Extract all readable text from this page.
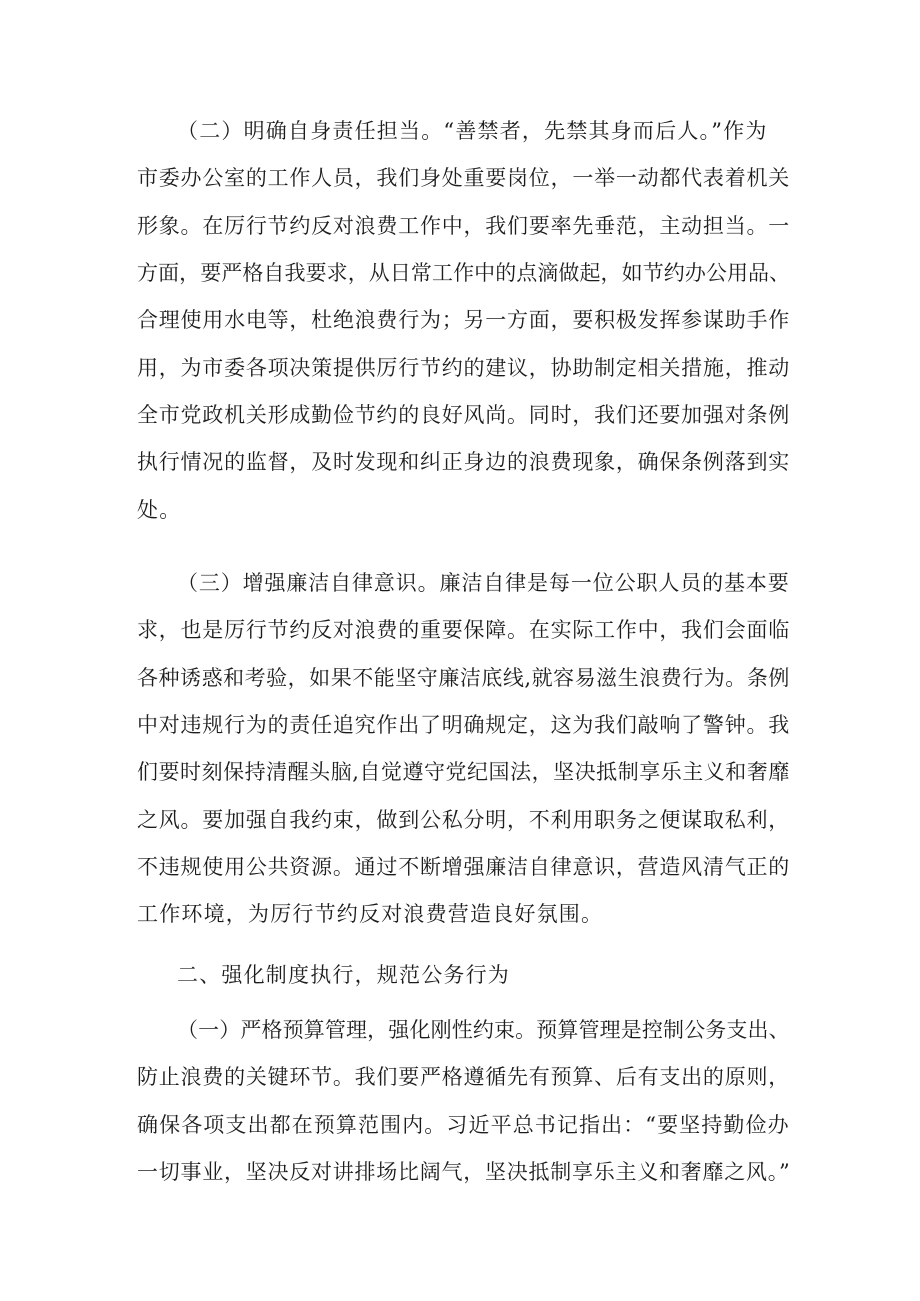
（二）明确自身责任担当。“善禁者，先禁其身而后人。”作为
市委办公室的工作人员，我们身处重要岗位，一举一动都代表着机关
形象。在厉行节约反对浪费工作中，我们要率先垂范，主动担当。一
方面，要严格自我要求，从日常工作中的点滴做起，如节约办公用品、
合理使用水电等，杜绝浪费行为；另一方面，要积极发挥参谋助手作
用，为市委各项决策提供厉行节约的建议，协助制定相关措施，推动
全市党政机关形成勤俭节约的良好风尚。同时，我们还要加强对条例
执行情况的监督，及时发现和纠正身边的浪费现象，确保条例落到实
处。
（三）增强廉洁自律意识。廉洁自律是每一位公职人员的基本要
求，也是厉行节约反对浪费的重要保障。在实际工作中，我们会面临
各种诱惑和考验，如果不能坚守廉洁底线,就容易滋生浪费行为。条例
中对违规行为的责任追究作出了明确规定，这为我们敲响了警钟。我
们要时刻保持清醒头脑,自觉遵守党纪国法，坚决抵制享乐主义和奢靡
之风。要加强自我约束，做到公私分明，不利用职务之便谋取私利，
不违规使用公共资源。通过不断增强廉洁自律意识，营造风清气正的
工作环境，为厉行节约反对浪费营造良好氛围。
二、强化制度执行，规范公务行为
（一）严格预算管理，强化刚性约束。预算管理是控制公务支出、
防止浪费的关键环节。我们要严格遵循先有预算、后有支出的原则，
确保各项支出都在预算范围内。习近平总书记指出：“要坚持勤俭办
一切事业，坚决反对讲排场比阔气，坚决抵制享乐主义和奢靡之风。”
